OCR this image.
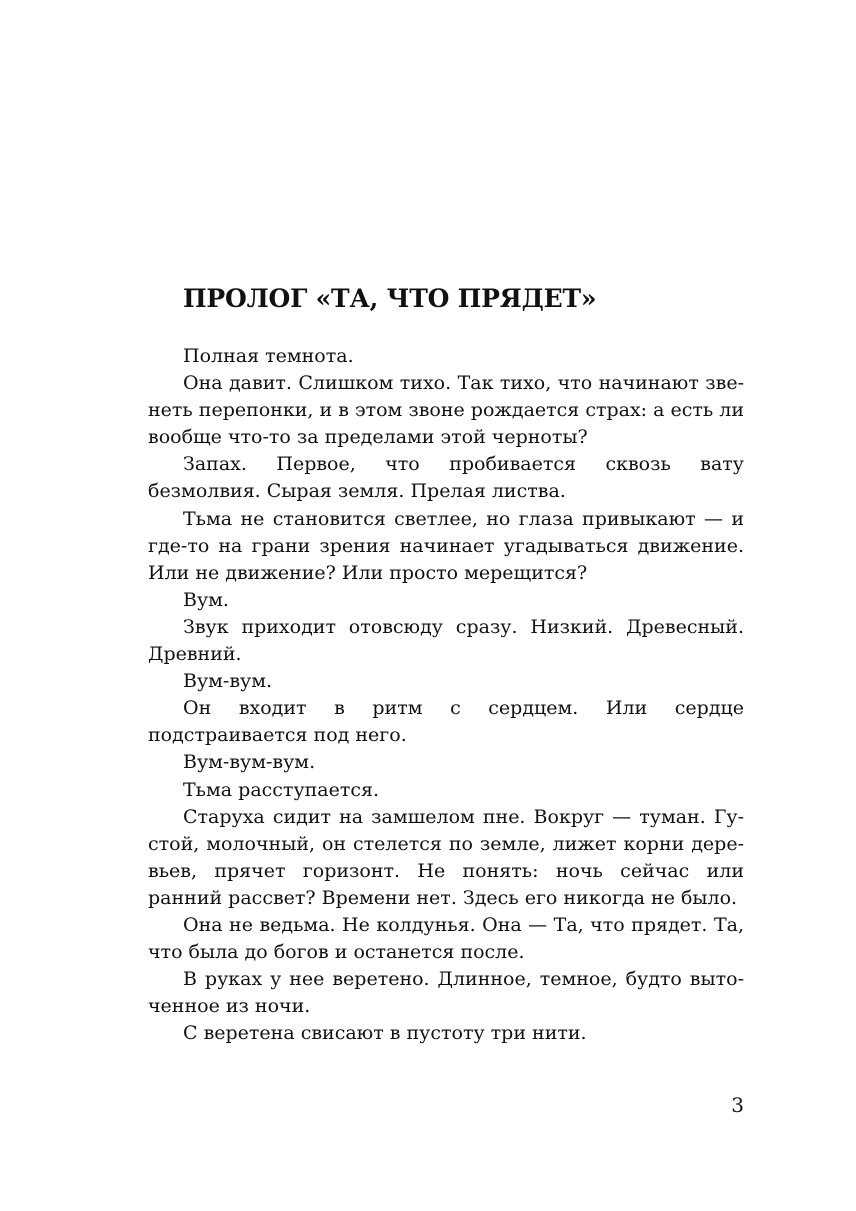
ПРОЛОГ «ТА, ЧТО ПРЯДЕТ»

Полная темнота.

Она давит. Слишком тихо. Так тихо, что начинают звенеть перепонки, и в этом звоне рождается страх: а есть ли вообще что-то за пределами этой черноты?

Запах. Первое, что пробивается сквозь вату безмолвия. Сырая земля. Прелая листва.

Тьма не становится светлее, но глаза привыкают — и где-то на грани зрения начинает угадываться движение. Или не движение? Или просто мерещится?

Вум.

Звук приходит отовсюду сразу. Низкий. Древесный. Древний.

Вум-вум.

Он входит в ритм с сердцем. Или сердце подстраивается под него.

Вум-вум-вум.

Тьма расступается.

Старуха сидит на замшелом пне. Вокруг — туман. Густой, молочный, он стелется по земле, лижет корни деревьев, прячет горизонт. Не понять: ночь сейчас или ранний рассвет? Времени нет. Здесь его никогда не было.

Она не ведьма. Не колдунья. Она — Та, что прядет. Та, что была до богов и останется после.

В руках у нее веретено. Длинное, темное, будто выточенное из ночи.

С веретена свисают в пустоту три нити.

3
